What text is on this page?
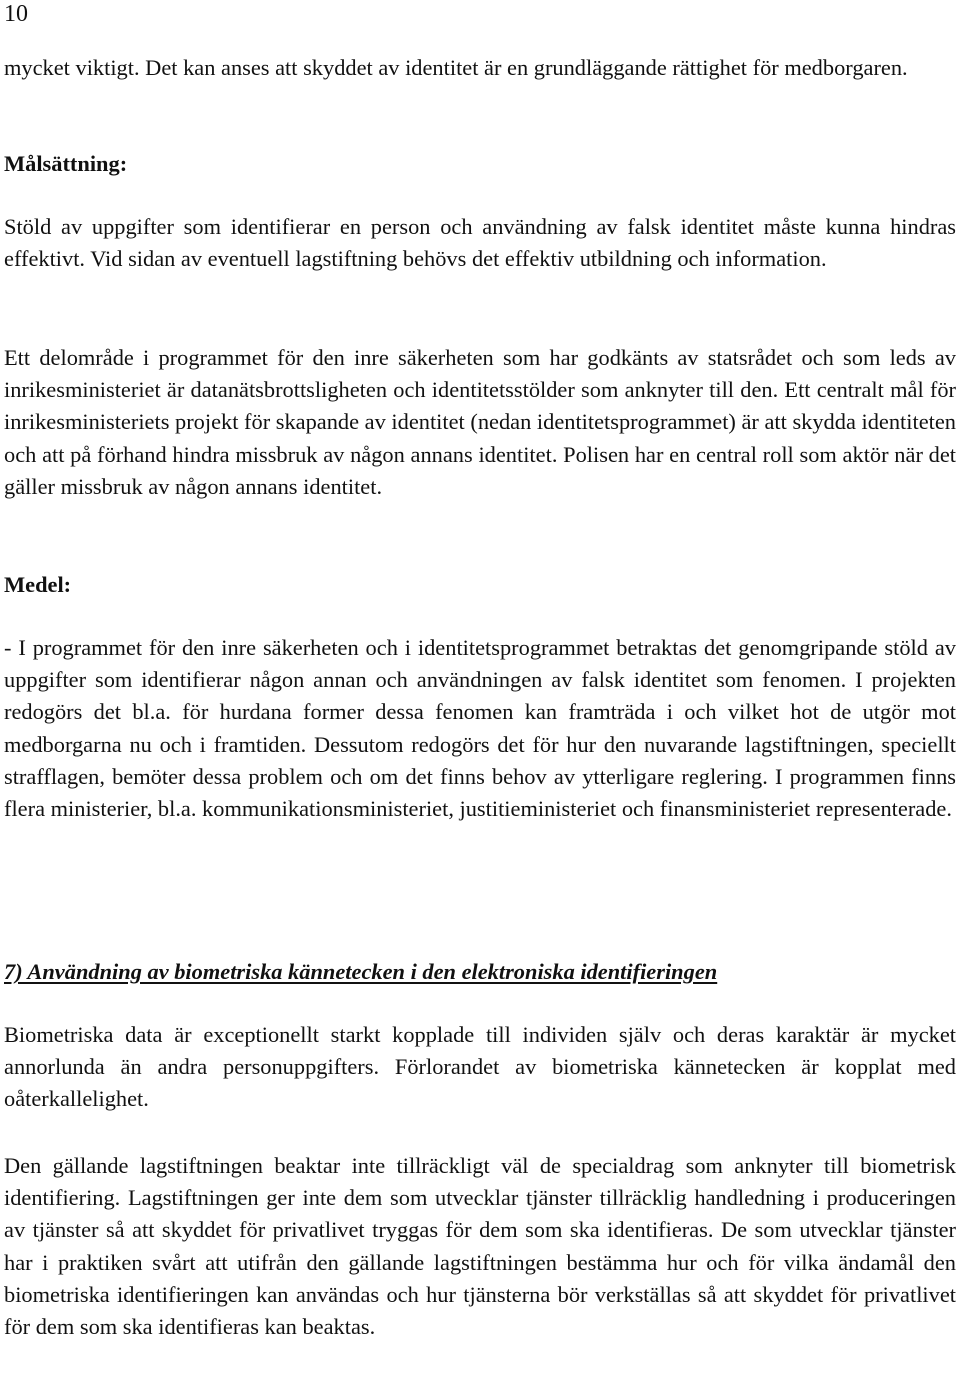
10

mycket viktigt. Det kan anses att skyddet av identitet är en grundläggande rättighet för medborgaren.

Målsättning:

Stöld av uppgifter som identifierar en person och användning av falsk identitet måste kunna hindras effektivt. Vid sidan av eventuell lagstiftning behövs det effektiv utbildning och information.

Ett delområde i programmet för den inre säkerheten som har godkänts av statsrådet och som leds av inrikesministeriet är datanätsbrottsligheten och identitetsstölder som anknyter till den. Ett centralt mål för inrikesministeriets projekt för skapande av identitet (nedan identitetsprogrammet) är att skydda identiteten och att på förhand hindra missbruk av någon annans identitet. Polisen har en central roll som aktör när det gäller missbruk av någon annans identitet.

Medel:

- I programmet för den inre säkerheten och i identitetsprogrammet betraktas det genomgripande stöld av uppgifter som identifierar någon annan och användningen av falsk identitet som fenomen. I projekten redogörs det bl.a. för hurdana former dessa fenomen kan framträda i och vilket hot de utgör mot medborgarna nu och i framtiden. Dessutom redogörs det för hur den nuvarande lagstiftningen, speciellt strafflagen, bemöter dessa problem och om det finns behov av ytterligare reglering. I programmen finns flera ministerier, bl.a. kommunikationsministeriet, justitieministeriet och finansministeriet representerade.

7) Användning av biometriska kännetecken i den elektroniska identifieringen

Biometriska data är exceptionellt starkt kopplade till individen själv och deras karaktär är mycket annorlunda än andra personuppgifters. Förlorandet av biometriska kännetecken är kopplat med oåterkallelighet.

Den gällande lagstiftningen beaktar inte tillräckligt väl de specialdrag som anknyter till biometrisk identifiering. Lagstiftningen ger inte dem som utvecklar tjänster tillräcklig handledning i produceringen av tjänster så att skyddet för privatlivet tryggas för dem som ska identifieras. De som utvecklar tjänster har i praktiken svårt att utifrån den gällande lagstiftningen bestämma hur och för vilka ändamål den biometriska identifieringen kan användas och hur tjänsterna bör verkställas så att skyddet för privatlivet för dem som ska identifieras kan beaktas.
